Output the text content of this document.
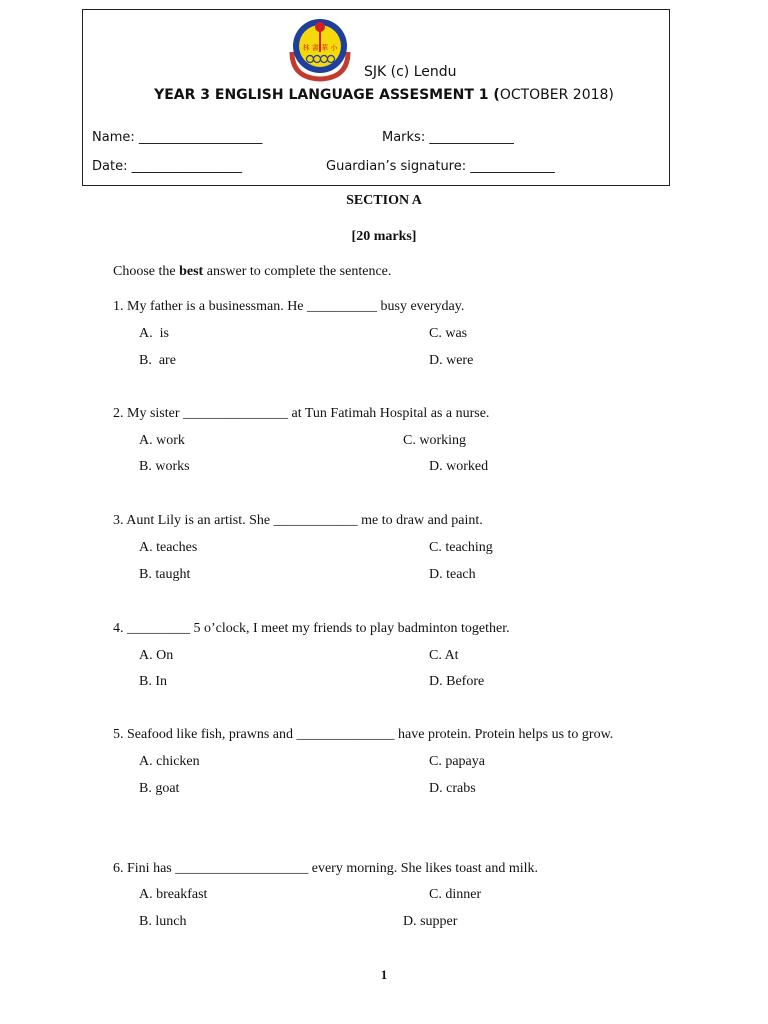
林 書 華 小
SJK (c) Lendu
YEAR 3 ENGLISH LANGUAGE ASSESMENT 1 (OCTOBER 2018)
Name: ___________________	Marks: _____________
Date: _________________	Guardian’s signature: _____________
SECTION A
[20 marks]
Choose the best answer to complete the sentence.
1. My father is a businessman. He __________ busy everyday.
A.  is
B.  are
C. was
D. were
2. My sister _______________ at Tun Fatimah Hospital as a nurse.
A. work
B. works
C. working
D. worked
3. Aunt Lily is an artist. She ____________ me to draw and paint.
A. teaches
B. taught
C. teaching
D. teach
4. _________ 5 o’clock, I meet my friends to play badminton together.
A. On
B. In
C. At
D. Before
5. Seafood like fish, prawns and ______________ have protein. Protein helps us to grow.
A. chicken
B. goat
C. papaya
D. crabs
6. Fini has ___________________ every morning. She likes toast and milk.
A. breakfast
B. lunch
C. dinner
D. supper
1
